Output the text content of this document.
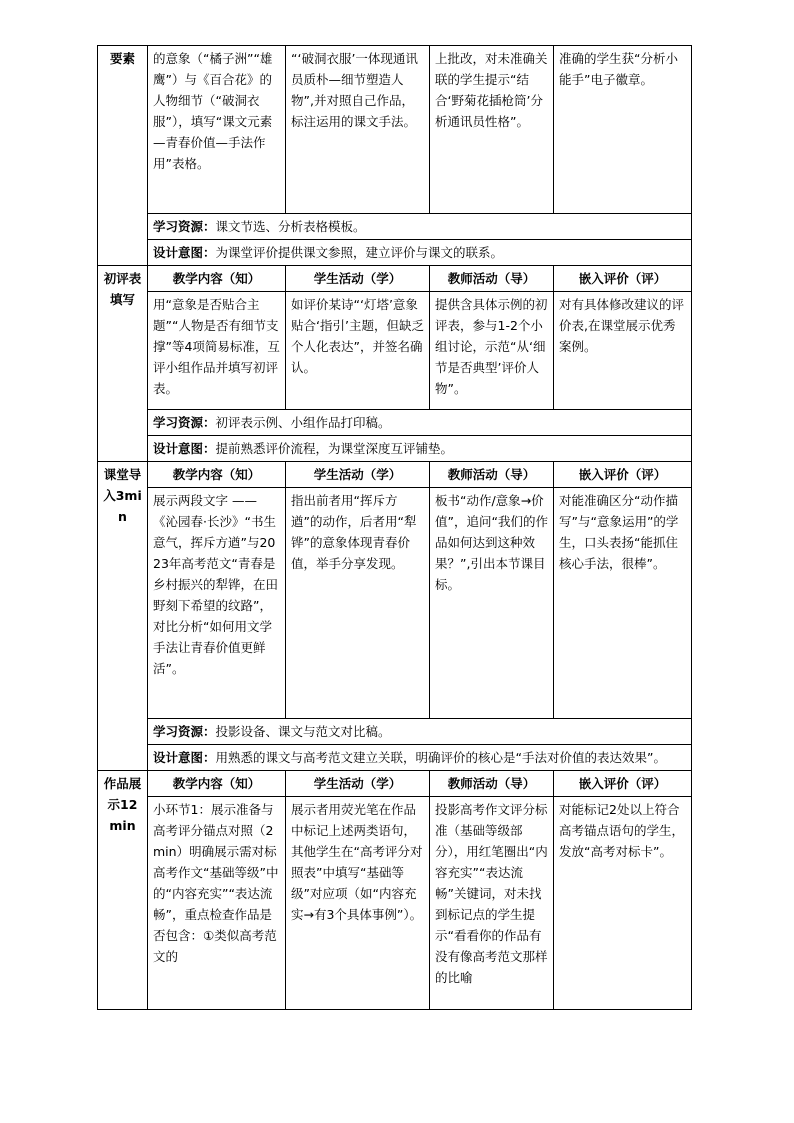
要素	的意象（“橘子洲”“雄鹰”）与《百合花》的人物细节（“破洞衣服”），填写“课文元素—青春价值—手法作用”表格。	“‘破洞衣服’一体现通讯员质朴—细节塑造人物”,并对照自己作品，标注运用的课文手法。	上批改，对未准确关联的学生提示“结合‘野菊花插枪筒’分析通讯员性格”。	准确的学生获“分析小能手”电子徽章。
	学习资源：课文节选、分析表格模板。			
	设计意图：为课堂评价提供课文参照，建立评价与课文的联系。			
初评表填写	教学内容（知）	学生活动（学）	教师活动（导）	嵌入评价（评）
	用“意象是否贴合主题”“人物是否有细节支撑”等4项简易标准，互评小组作品并填写初评表。	如评价某诗“‘灯塔’意象贴合‘指引’主题，但缺乏个人化表达”，并签名确认。	提供含具体示例的初评表，参与1-2个小组讨论，示范“从‘细节是否典型’评价人物”。	对有具体修改建议的评价表,在课堂展示优秀案例。
	学习资源：初评表示例、小组作品打印稿。			
	设计意图：提前熟悉评价流程，为课堂深度互评铺垫。			
课堂导入3min	教学内容（知）	学生活动（学）	教师活动（导）	嵌入评价（评）
	展示两段文字 ——《沁园春·长沙》“书生意气，挥斥方遒”与2023年高考范文“青春是乡村振兴的犁铧，在田野刻下希望的纹路”，对比分析“如何用文学手法让青春价值更鲜活”。	指出前者用“挥斥方遒”的动作，后者用“犁铧”的意象体现青春价值，举手分享发现。	板书“动作/意象→价值”，追问“我们的作品如何达到这种效果？”,引出本节课目标。	对能准确区分“动作描写”与“意象运用”的学生，口头表扬“能抓住核心手法，很棒”。
	学习资源：投影设备、课文与范文对比稿。			
	设计意图：用熟悉的课文与高考范文建立关联，明确评价的核心是“手法对价值的表达效果”。			
作品展示12min	教学内容（知）	学生活动（学）	教师活动（导）	嵌入评价（评）
	小环节1：展示准备与高考评分锚点对照（2min）明确展示需对标高考作文“基础等级”中的“内容充实”“表达流畅”，重点检查作品是否包含：①类似高考范文的	展示者用荧光笔在作品中标记上述两类语句，其他学生在“高考评分对照表”中填写“基础等级”对应项（如“内容充实→有3个具体事例”）。	投影高考作文评分标准（基础等级部分），用红笔圈出“内容充实”“表达流畅”关键词，对未找到标记点的学生提示“看看你的作品有没有像高考范文那样的比喻	对能标记2处以上符合高考锚点语句的学生，发放“高考对标卡”。
